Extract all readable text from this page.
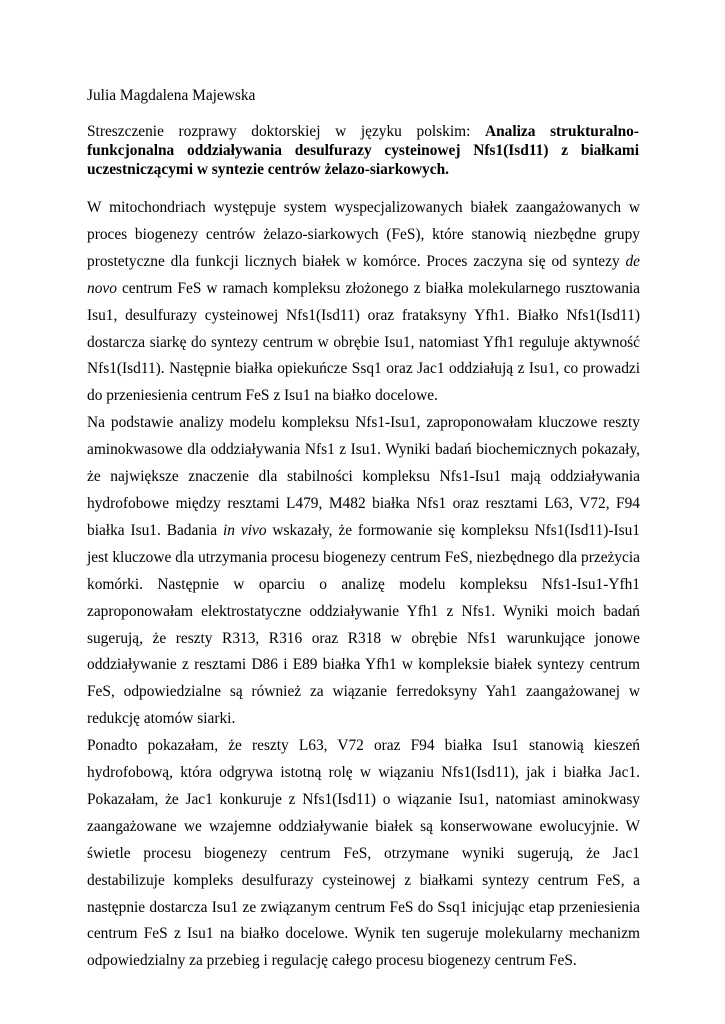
Julia Magdalena Majewska
Streszczenie rozprawy doktorskiej w języku polskim: Analiza strukturalno-funkcjonalna oddziaływania desulfurazy cysteinowej Nfs1(Isd11) z białkami uczestniczącymi w syntezie centrów żelazo-siarkowych.

W mitochondriach występuje system wyspecjalizowanych białek zaangażowanych w proces biogenezy centrów żelazo-siarkowych (FeS), które stanowią niezbędne grupy prostetyczne dla funkcji licznych białek w komórce. Proces zaczyna się od syntezy de novo centrum FeS w ramach kompleksu złożonego z białka molekularnego rusztowania Isu1, desulfurazy cysteinowej Nfs1(Isd11) oraz frataksyny Yfh1. Białko Nfs1(Isd11) dostarcza siarkę do syntezy centrum w obrębie Isu1, natomiast Yfh1 reguluje aktywność Nfs1(Isd11). Następnie białka opiekuńcze Ssq1 oraz Jac1 oddziałują z Isu1, co prowadzi do przeniesienia centrum FeS z Isu1 na białko docelowe.

Na podstawie analizy modelu kompleksu Nfs1-Isu1, zaproponowałam kluczowe reszty aminokwasowe dla oddziaływania Nfs1 z Isu1. Wyniki badań biochemicznych pokazały, że największe znaczenie dla stabilności kompleksu Nfs1-Isu1 mają oddziaływania hydrofobowe między resztami L479, M482 białka Nfs1 oraz resztami L63, V72, F94 białka Isu1. Badania in vivo wskazały, że formowanie się kompleksu Nfs1(Isd11)-Isu1 jest kluczowe dla utrzymania procesu biogenezy centrum FeS, niezbędnego dla przeżycia komórki. Następnie w oparciu o analizę modelu kompleksu Nfs1-Isu1-Yfh1 zaproponowałam elektrostatyczne oddziaływanie Yfh1 z Nfs1. Wyniki moich badań sugerują, że reszty R313, R316 oraz R318 w obrębie Nfs1 warunkujące jonowe oddziaływanie z resztami D86 i E89 białka Yfh1 w kompleksie białek syntezy centrum FeS, odpowiedzialne są również za wiązanie ferredoksyny Yah1 zaangażowanej w redukcję atomów siarki.

Ponadto pokazałam, że reszty L63, V72 oraz F94 białka Isu1 stanowią kieszeń hydrofobową, która odgrywa istotną rolę w wiązaniu Nfs1(Isd11), jak i białka Jac1. Pokazałam, że Jac1 konkuruje z Nfs1(Isd11) o wiązanie Isu1, natomiast aminokwasy zaangażowane we wzajemne oddziaływanie białek są konserwowane ewolucyjnie. W świetle procesu biogenezy centrum FeS, otrzymane wyniki sugerują, że Jac1 destabilizuje kompleks desulfurazy cysteinowej z białkami syntezy centrum FeS, a następnie dostarcza Isu1 ze związanym centrum FeS do Ssq1 inicjując etap przeniesienia centrum FeS z Isu1 na białko docelowe. Wynik ten sugeruje molekularny mechanizm odpowiedzialny za przebieg i regulację całego procesu biogenezy centrum FeS.
